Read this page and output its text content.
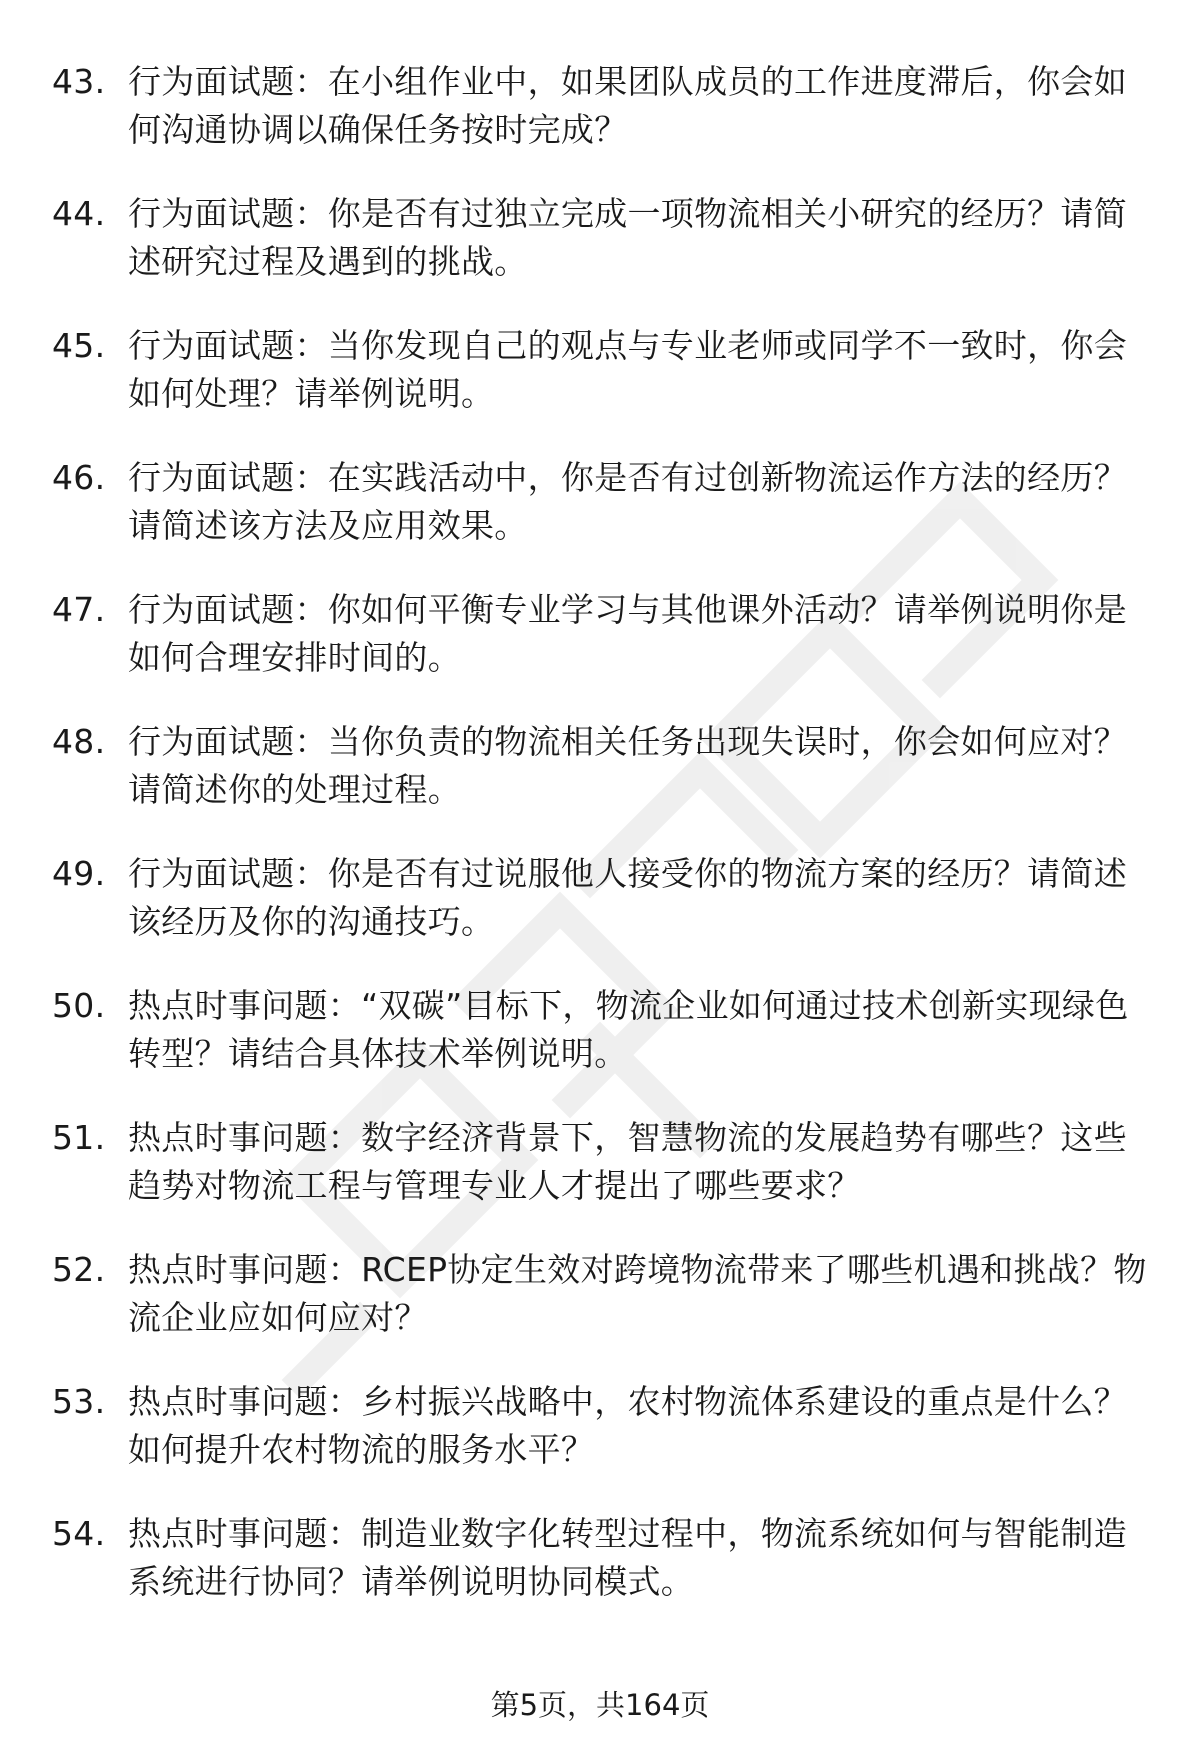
43. 行为面试题：在小组作业中，如果团队成员的工作进度滞后，你会如何沟通协调以确保任务按时完成？
44. 行为面试题：你是否有过独立完成一项物流相关小研究的经历？请简述研究过程及遇到的挑战。
45. 行为面试题：当你发现自己的观点与专业老师或同学不一致时，你会如何处理？请举例说明。
46. 行为面试题：在实践活动中，你是否有过创新物流运作方法的经历？请简述该方法及应用效果。
47. 行为面试题：你如何平衡专业学习与其他课外活动？请举例说明你是如何合理安排时间的。
48. 行为面试题：当你负责的物流相关任务出现失误时，你会如何应对？请简述你的处理过程。
49. 行为面试题：你是否有过说服他人接受你的物流方案的经历？请简述该经历及你的沟通技巧。
50. 热点时事问题：“双碳”目标下，物流企业如何通过技术创新实现绿色转型？请结合具体技术举例说明。
51. 热点时事问题：数字经济背景下，智慧物流的发展趋势有哪些？这些趋势对物流工程与管理专业人才提出了哪些要求？
52. 热点时事问题：RCEP协定生效对跨境物流带来了哪些机遇和挑战？物流企业应如何应对？
53. 热点时事问题：乡村振兴战略中，农村物流体系建设的重点是什么？如何提升农村物流的服务水平？
54. 热点时事问题：制造业数字化转型过程中，物流系统如何与智能制造系统进行协同？请举例说明协同模式。
第5页，共164页
